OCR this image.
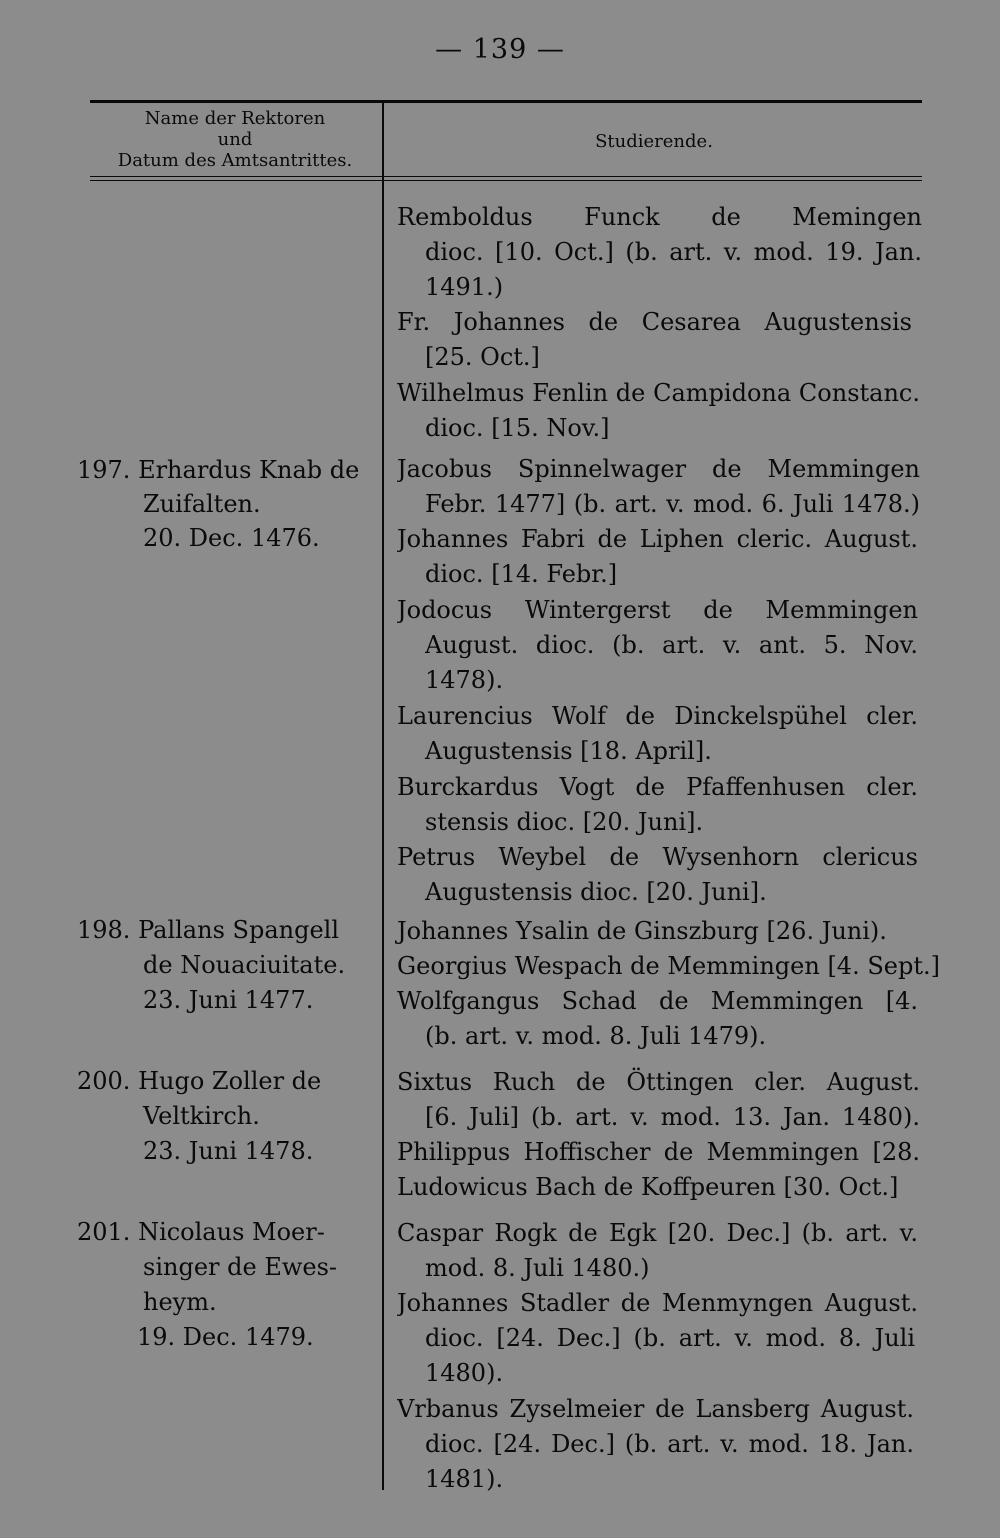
— 139 —
Name der Rektoren
und
Datum des Amtsantrittes.
Studierende.
197. Erhardus Knab de
Zuifalten.
20. Dec. 1476.
198. Pallans Spangell
de Nouaciuitate.
23. Juni 1477.
200. Hugo Zoller de
Veltkirch.
23. Juni 1478.
201. Nicolaus Moer-
singer de Ewes-
heym.
19. Dec. 1479.
Remboldus Funck de Memingen
dioc. [10. Oct.] (b. art. v. mod. 19. Jan.
1491.)
Fr. Johannes de Cesarea Augustensis
[25. Oct.]
Wilhelmus Fenlin de Campidona Constanc.
dioc. [15. Nov.]
Jacobus Spinnelwager de Memmingen
Febr. 1477] (b. art. v. mod. 6. Juli 1478.)
Johannes Fabri de Liphen cleric. August.
dioc. [14. Febr.]
Jodocus Wintergerst de Memmingen
August. dioc. (b. art. v. ant. 5. Nov.
1478).
Laurencius Wolf de Dinckelspühel cler.
Augustensis [18. April].
Burckardus Vogt de Pfaffenhusen cler.
stensis dioc. [20. Juni].
Petrus Weybel de Wysenhorn clericus
Augustensis dioc. [20. Juni].
Johannes Ysalin de Ginszburg [26. Juni).
Georgius Wespach de Memmingen [4. Sept.]
Wolfgangus Schad de Memmingen [4.
(b. art. v. mod. 8. Juli 1479).
Sixtus Ruch de Öttingen cler. August.
[6. Juli] (b. art. v. mod. 13. Jan. 1480).
Philippus Hoffischer de Memmingen [28.
Ludowicus Bach de Koffpeuren [30. Oct.]
Caspar Rogk de Egk [20. Dec.] (b. art. v.
mod. 8. Juli 1480.)
Johannes Stadler de Menmyngen August.
dioc. [24. Dec.] (b. art. v. mod. 8. Juli
1480).
Vrbanus Zyselmeier de Lansberg August.
dioc. [24. Dec.] (b. art. v. mod. 18. Jan.
1481).
